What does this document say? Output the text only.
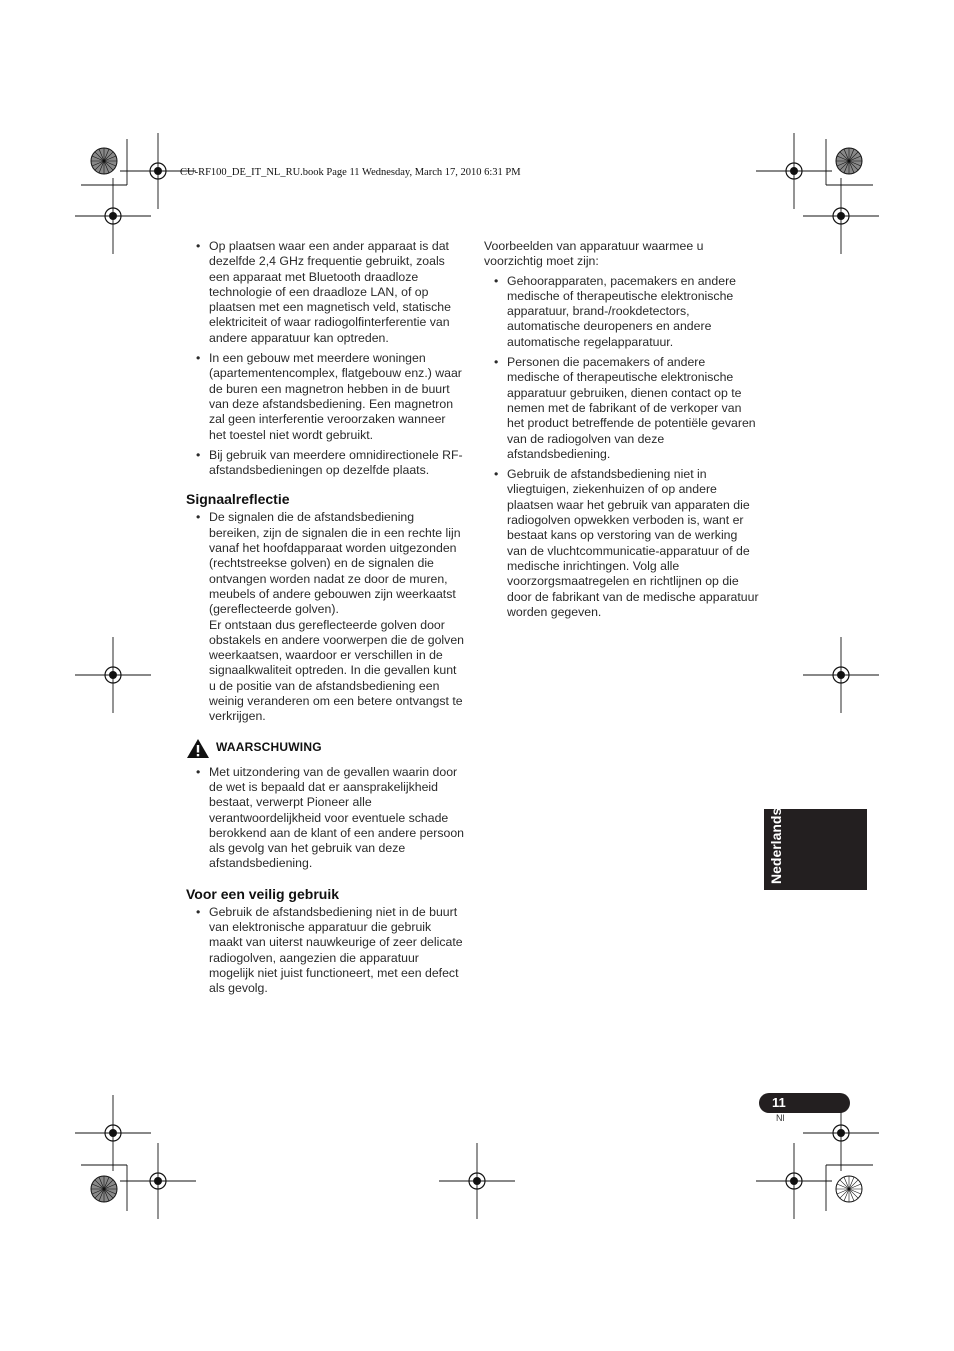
CU-RF100_DE_IT_NL_RU.book Page 11 Wednesday, March 17, 2010 6:31 PM
• Op plaatsen waar een ander apparaat is dat dezelfde 2,4 GHz frequentie gebruikt, zoals een apparaat met Bluetooth draadloze technologie of een draadloze LAN, of op plaatsen met een magnetisch veld, statische elektriciteit of waar radiogolfinterferentie van andere apparatuur kan optreden.
• In een gebouw met meerdere woningen (apartementencomplex, flatgebouw enz.) waar de buren een magnetron hebben in de buurt van deze afstandsbediening. Een magnetron zal geen interferentie veroorzaken wanneer het toestel niet wordt gebruikt.
• Bij gebruik van meerdere omnidirectionele RF-afstandsbedieningen op dezelfde plaats.
Signaalreflectie
• De signalen die de afstandsbediening bereiken, zijn de signalen die in een rechte lijn vanaf het hoofdapparaat worden uitgezonden (rechtstreekse golven) en de signalen die ontvangen worden nadat ze door de muren, meubels of andere gebouwen zijn weerkaatst (gereflecteerde golven).
Er ontstaan dus gereflecteerde golven door obstakels en andere voorwerpen die de golven weerkaatsen, waardoor er verschillen in de signaalkwaliteit optreden. In die gevallen kunt u de positie van de afstandsbediening een weinig veranderen om een betere ontvangst te verkrijgen.
WAARSCHUWING
• Met uitzondering van de gevallen waarin door de wet is bepaald dat er aansprakelijkheid bestaat, verwerpt Pioneer alle verantwoordelijkheid voor eventuele schade berokkend aan de klant of een andere persoon als gevolg van het gebruik van deze afstandsbediening.
Voor een veilig gebruik
• Gebruik de afstandsbediening niet in de buurt van elektronische apparatuur die gebruik maakt van uiterst nauwkeurige of zeer delicate radiogolven, aangezien die apparatuur mogelijk niet juist functioneert, met een defect als gevolg.

Voorbeelden van apparatuur waarmee u voorzichtig moet zijn:

• Gehoorapparaten, pacemakers en andere medische of therapeutische elektronische apparatuur, brand-/rookdetectors, automatische deuropeners en andere automatische regelapparatuur.
• Personen die pacemakers of andere medische of therapeutische elektronische apparatuur gebruiken, dienen contact op te nemen met de fabrikant of de verkoper van het product betreffende de potentiële gevaren van de radiogolven van deze afstandsbediening.
• Gebruik de afstandsbediening niet in vliegtuigen, ziekenhuizen of op andere plaatsen waar het gebruik van apparaten die radiogolven opwekken verboden is, want er bestaat kans op verstoring van de werking van de vluchtcommunicatie-apparatuur of de medische inrichtingen. Volg alle voorzorgsmaatregelen en richtlijnen op die door de fabrikant van de medische apparatuur worden gegeven.
Nederlands
11
Nl
